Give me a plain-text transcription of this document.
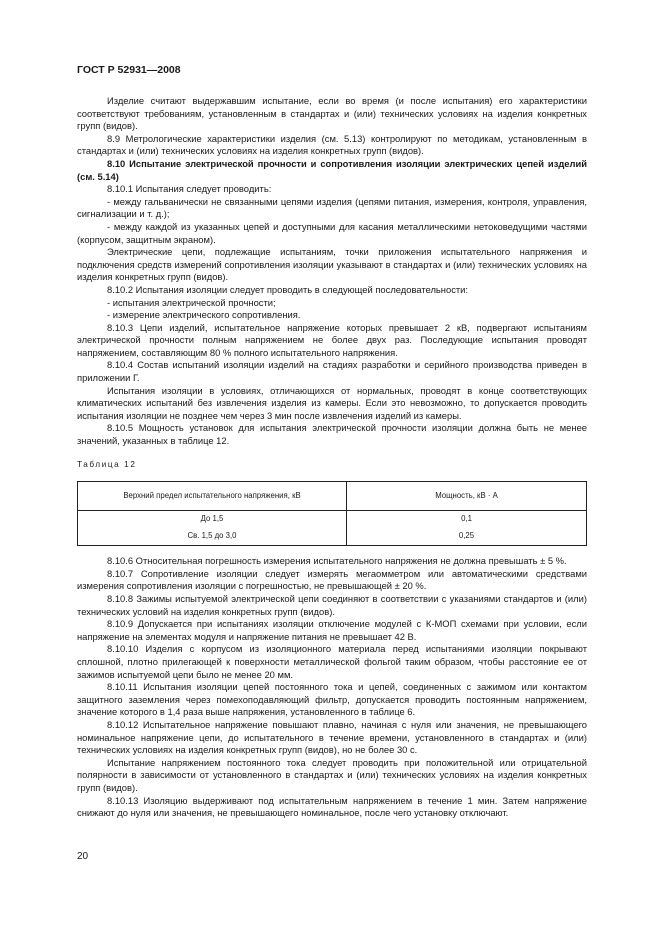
ГОСТ Р 52931—2008

Изделие считают выдержавшим испытание, если во время (и после испытания) его характеристики соответствуют требованиям, установленным в стандартах и (или) технических условиях на изделия конкретных групп (видов).

8.9 Метрологические характеристики изделия (см. 5.13) контролируют по методикам, установленным в стандартах и (или) технических условиях на изделия конкретных групп (видов).

8.10 Испытание электрической прочности и сопротивления изоляции электрических цепей изделий (см. 5.14)

8.10.1 Испытания следует проводить:

- между гальванически не связанными цепями изделия (цепями питания, измерения, контроля, управления, сигнализации и т. д.);

- между каждой из указанных цепей и доступными для касания металлическими нетоковедущими частями (корпусом, защитным экраном).

Электрические цепи, подлежащие испытаниям, точки приложения испытательного напряжения и подключения средств измерений сопротивления изоляции указывают в стандартах и (или) технических условиях на изделия конкретных групп (видов).

8.10.2 Испытания изоляции следует проводить в следующей последовательности:

- испытания электрической прочности;

- измерение электрического сопротивления.

8.10.3 Цепи изделий, испытательное напряжение которых превышает 2 кВ, подвергают испытаниям электрической прочности полным напряжением не более двух раз. Последующие испытания проводят напряжением, составляющим 80 % полного испытательного напряжения.

8.10.4 Состав испытаний изоляции изделий на стадиях разработки и серийного производства приведен в приложении Г.

Испытания изоляции в условиях, отличающихся от нормальных, проводят в конце соответствующих климатических испытаний без извлечения изделия из камеры. Если это невозможно, то допускается проводить испытания изоляции не позднее чем через 3 мин после извлечения изделий из камеры.

8.10.5 Мощность установок для испытания электрической прочности изоляции должна быть не менее значений, указанных в таблице 12.

Таблица 12

Верхний предел испытательного напряжения, кВ	Мощность, кВ · А
До 1,5	0,1
Св. 1,5 до 3,0	0,25

8.10.6 Относительная погрешность измерения испытательного напряжения не должна превышать ± 5 %.

8.10.7 Сопротивление изоляции следует измерять мегаомметром или автоматическими средствами измерения сопротивления изоляции с погрешностью, не превышающей ± 20 %.

8.10.8 Зажимы испытуемой электрической цепи соединяют в соответствии с указаниями стандартов и (или) технических условий на изделия конкретных групп (видов).

8.10.9 Допускается при испытаниях изоляции отключение модулей с К-МОП схемами при условии, если напряжение на элементах модуля и напряжение питания не превышает 42 В.

8.10.10 Изделия с корпусом из изоляционного материала перед испытаниями изоляции покрывают сплошной, плотно прилегающей к поверхности металлической фольгой таким образом, чтобы расстояние ее от зажимов испытуемой цепи было не менее 20 мм.

8.10.11 Испытания изоляции цепей постоянного тока и цепей, соединенных с зажимом или контактом защитного заземления через помехоподавляющий фильтр, допускается проводить постоянным напряжением, значение которого в 1,4 раза выше напряжения, установленного в таблице 6.

8.10.12 Испытательное напряжение повышают плавно, начиная с нуля или значения, не превышающего номинальное напряжение цепи, до испытательного в течение времени, установленного в стандартах и (или) технических условиях на изделия конкретных групп (видов), но не более 30 с.

Испытание напряжением постоянного тока следует проводить при положительной или отрицательной полярности в зависимости от установленного в стандартах и (или) технических условиях на изделия конкретных групп (видов).

8.10.13 Изоляцию выдерживают под испытательным напряжением в течение 1 мин. Затем напряжение снижают до нуля или значения, не превышающего номинальное, после чего установку отключают.

20
